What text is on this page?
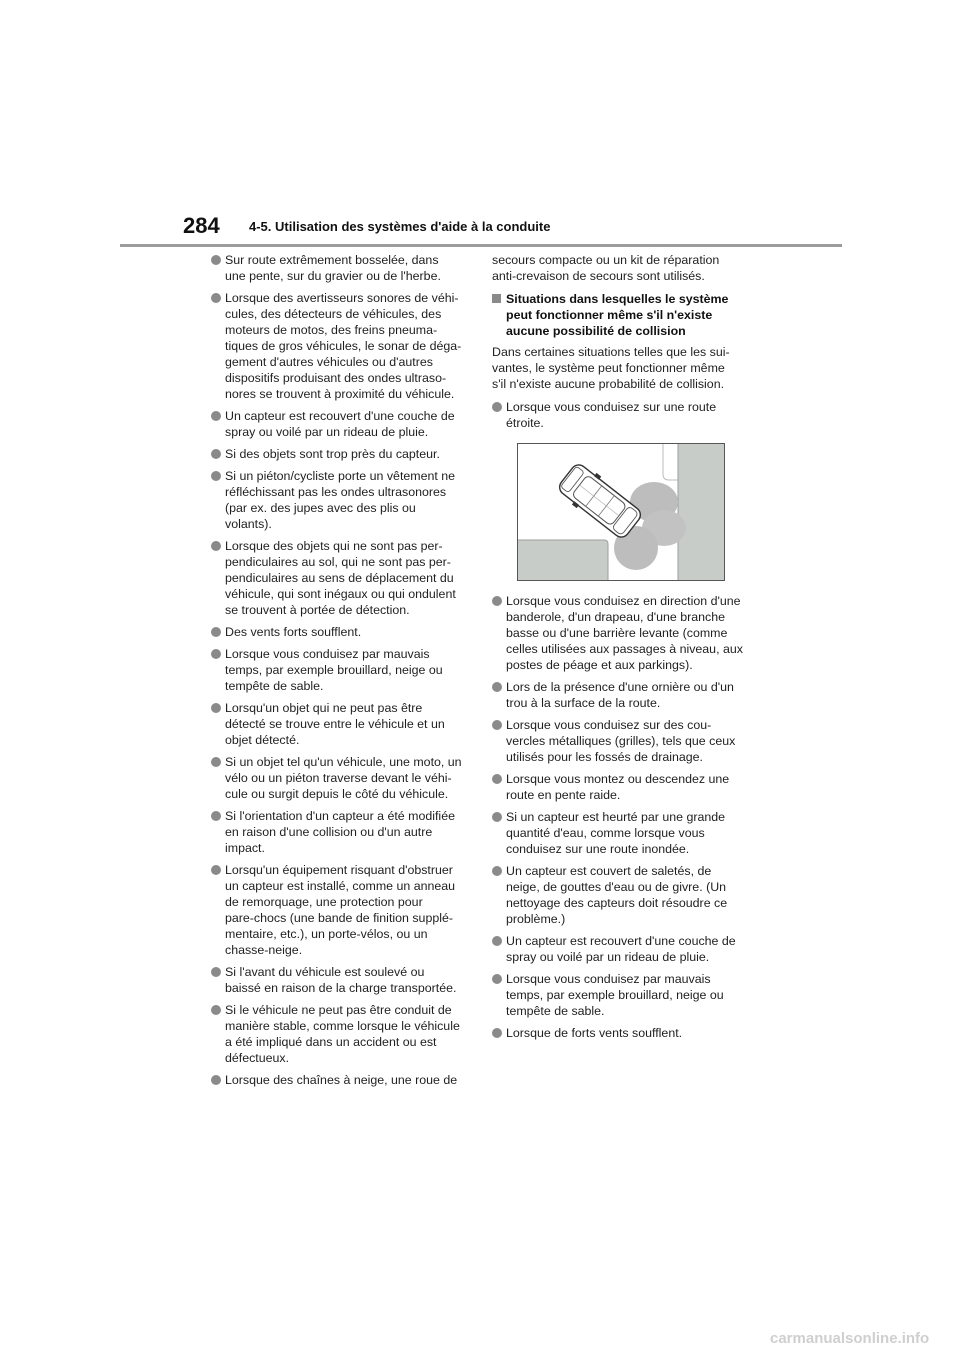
284 4-5. Utilisation des systèmes d'aide à la conduite
Sur route extrêmement bosselée, dans
une pente, sur du gravier ou de l'herbe.
Lorsque des avertisseurs sonores de véhi-
cules, des détecteurs de véhicules, des
moteurs de motos, des freins pneuma-
tiques de gros véhicules, le sonar de déga-
gement d'autres véhicules ou d'autres
dispositifs produisant des ondes ultraso-
nores se trouvent à proximité du véhicule.
Un capteur est recouvert d'une couche de
spray ou voilé par un rideau de pluie.
Si des objets sont trop près du capteur.
Si un piéton/cycliste porte un vêtement ne
réfléchissant pas les ondes ultrasonores
(par ex. des jupes avec des plis ou
volants).
Lorsque des objets qui ne sont pas per-
pendiculaires au sol, qui ne sont pas per-
pendiculaires au sens de déplacement du
véhicule, qui sont inégaux ou qui ondulent
se trouvent à portée de détection.
Des vents forts soufflent.
Lorsque vous conduisez par mauvais
temps, par exemple brouillard, neige ou
tempête de sable.
Lorsqu'un objet qui ne peut pas être
détecté se trouve entre le véhicule et un
objet détecté.
Si un objet tel qu'un véhicule, une moto, un
vélo ou un piéton traverse devant le véhi-
cule ou surgit depuis le côté du véhicule.
Si l'orientation d'un capteur a été modifiée
en raison d'une collision ou d'un autre
impact.
Lorsqu'un équipement risquant d'obstruer
un capteur est installé, comme un anneau
de remorquage, une protection pour
pare-chocs (une bande de finition supplé-
mentaire, etc.), un porte-vélos, ou un
chasse-neige.
Si l'avant du véhicule est soulevé ou
baissé en raison de la charge transportée.
Si le véhicule ne peut pas être conduit de
manière stable, comme lorsque le véhicule
a été impliqué dans un accident ou est
défectueux.
Lorsque des chaînes à neige, une roue de

secours compacte ou un kit de réparation
anti-crevaison de secours sont utilisés.

Situations dans lesquelles le système
peut fonctionner même s'il n'existe
aucune possibilité de collision

Dans certaines situations telles que les sui-
vantes, le système peut fonctionner même
s'il n'existe aucune probabilité de collision.

Lorsque vous conduisez sur une route
étroite.
Lorsque vous conduisez en direction d'une
banderole, d'un drapeau, d'une branche
basse ou d'une barrière levante (comme
celles utilisées aux passages à niveau, aux
postes de péage et aux parkings).
Lors de la présence d'une ornière ou d'un
trou à la surface de la route.
Lorsque vous conduisez sur des cou-
vercles métalliques (grilles), tels que ceux
utilisés pour les fossés de drainage.
Lorsque vous montez ou descendez une
route en pente raide.
Si un capteur est heurté par une grande
quantité d'eau, comme lorsque vous
conduisez sur une route inondée.
Un capteur est couvert de saletés, de
neige, de gouttes d'eau ou de givre. (Un
nettoyage des capteurs doit résoudre ce
problème.)
Un capteur est recouvert d'une couche de
spray ou voilé par un rideau de pluie.
Lorsque vous conduisez par mauvais
temps, par exemple brouillard, neige ou
tempête de sable.
Lorsque de forts vents soufflent.
carmanualsonline.info
